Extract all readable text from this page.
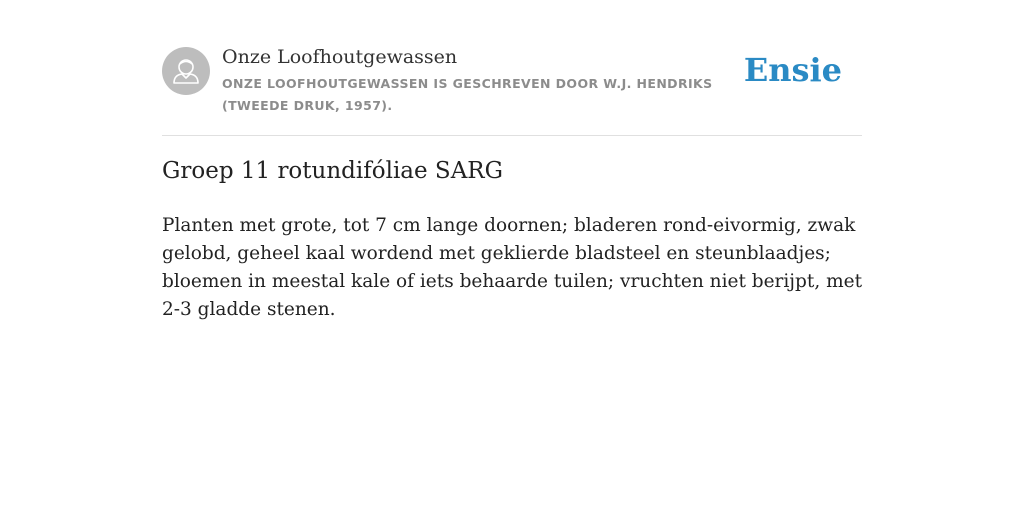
Onze Loofhoutgewassen
ONZE LOOFHOUTGEWASSEN IS GESCHREVEN DOOR W.J. HENDRIKS (TWEEDE DRUK, 1957).
Ensie
Groep 11 rotundifóliae SARG

Planten met grote, tot 7 cm lange doornen; bladeren rond-eivormig, zwak gelobd, geheel kaal wordend met geklierde bladsteel en steunblaadjes; bloemen in meestal kale of iets behaarde tuilen; vruchten niet berijpt, met 2-3 gladde stenen.
